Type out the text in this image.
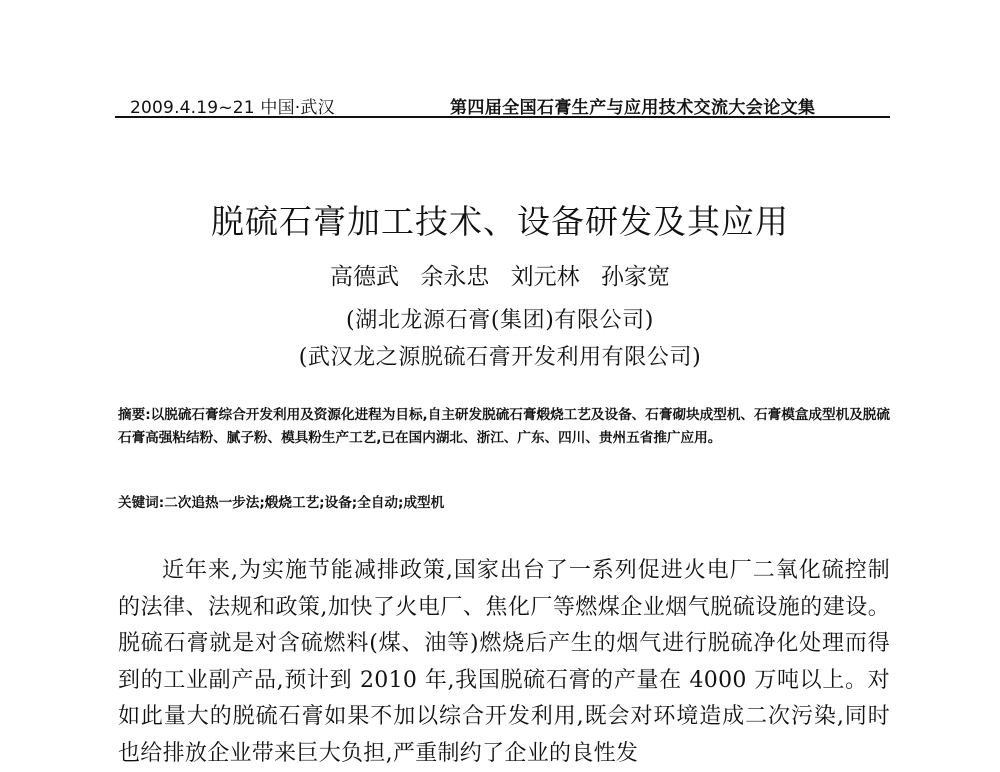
2009.4.19~21 中国·武汉	第四届全国石膏生产与应用技术交流大会论文集
脱硫石膏加工技术、设备研发及其应用
高德武 余永忠 刘元林 孙家宽
(湖北龙源石膏(集团)有限公司)
(武汉龙之源脱硫石膏开发利用有限公司)
摘要:以脱硫石膏综合开发利用及资源化进程为目标,自主研发脱硫石膏煅烧工艺及设备、石膏砌块成型机、石膏模盒成型机及脱硫石膏高强粘结粉、腻子粉、模具粉生产工艺,已在国内湖北、浙江、广东、四川、贵州五省推广应用。
关键词:二次追热一步法;煅烧工艺;设备;全自动;成型机
近年来,为实施节能减排政策,国家出台了一系列促进火电厂二氧化硫控制的法律、法规和政策,加快了火电厂、焦化厂等燃煤企业烟气脱硫设施的建设。脱硫石膏就是对含硫燃料(煤、油等)燃烧后产生的烟气进行脱硫净化处理而得到的工业副产品,预计到 2010 年,我国脱硫石膏的产量在 4000 万吨以上。对如此量大的脱硫石膏如果不加以综合开发利用,既会对环境造成二次污染,同时也给排放企业带来巨大负担,严重制约了企业的良性发
